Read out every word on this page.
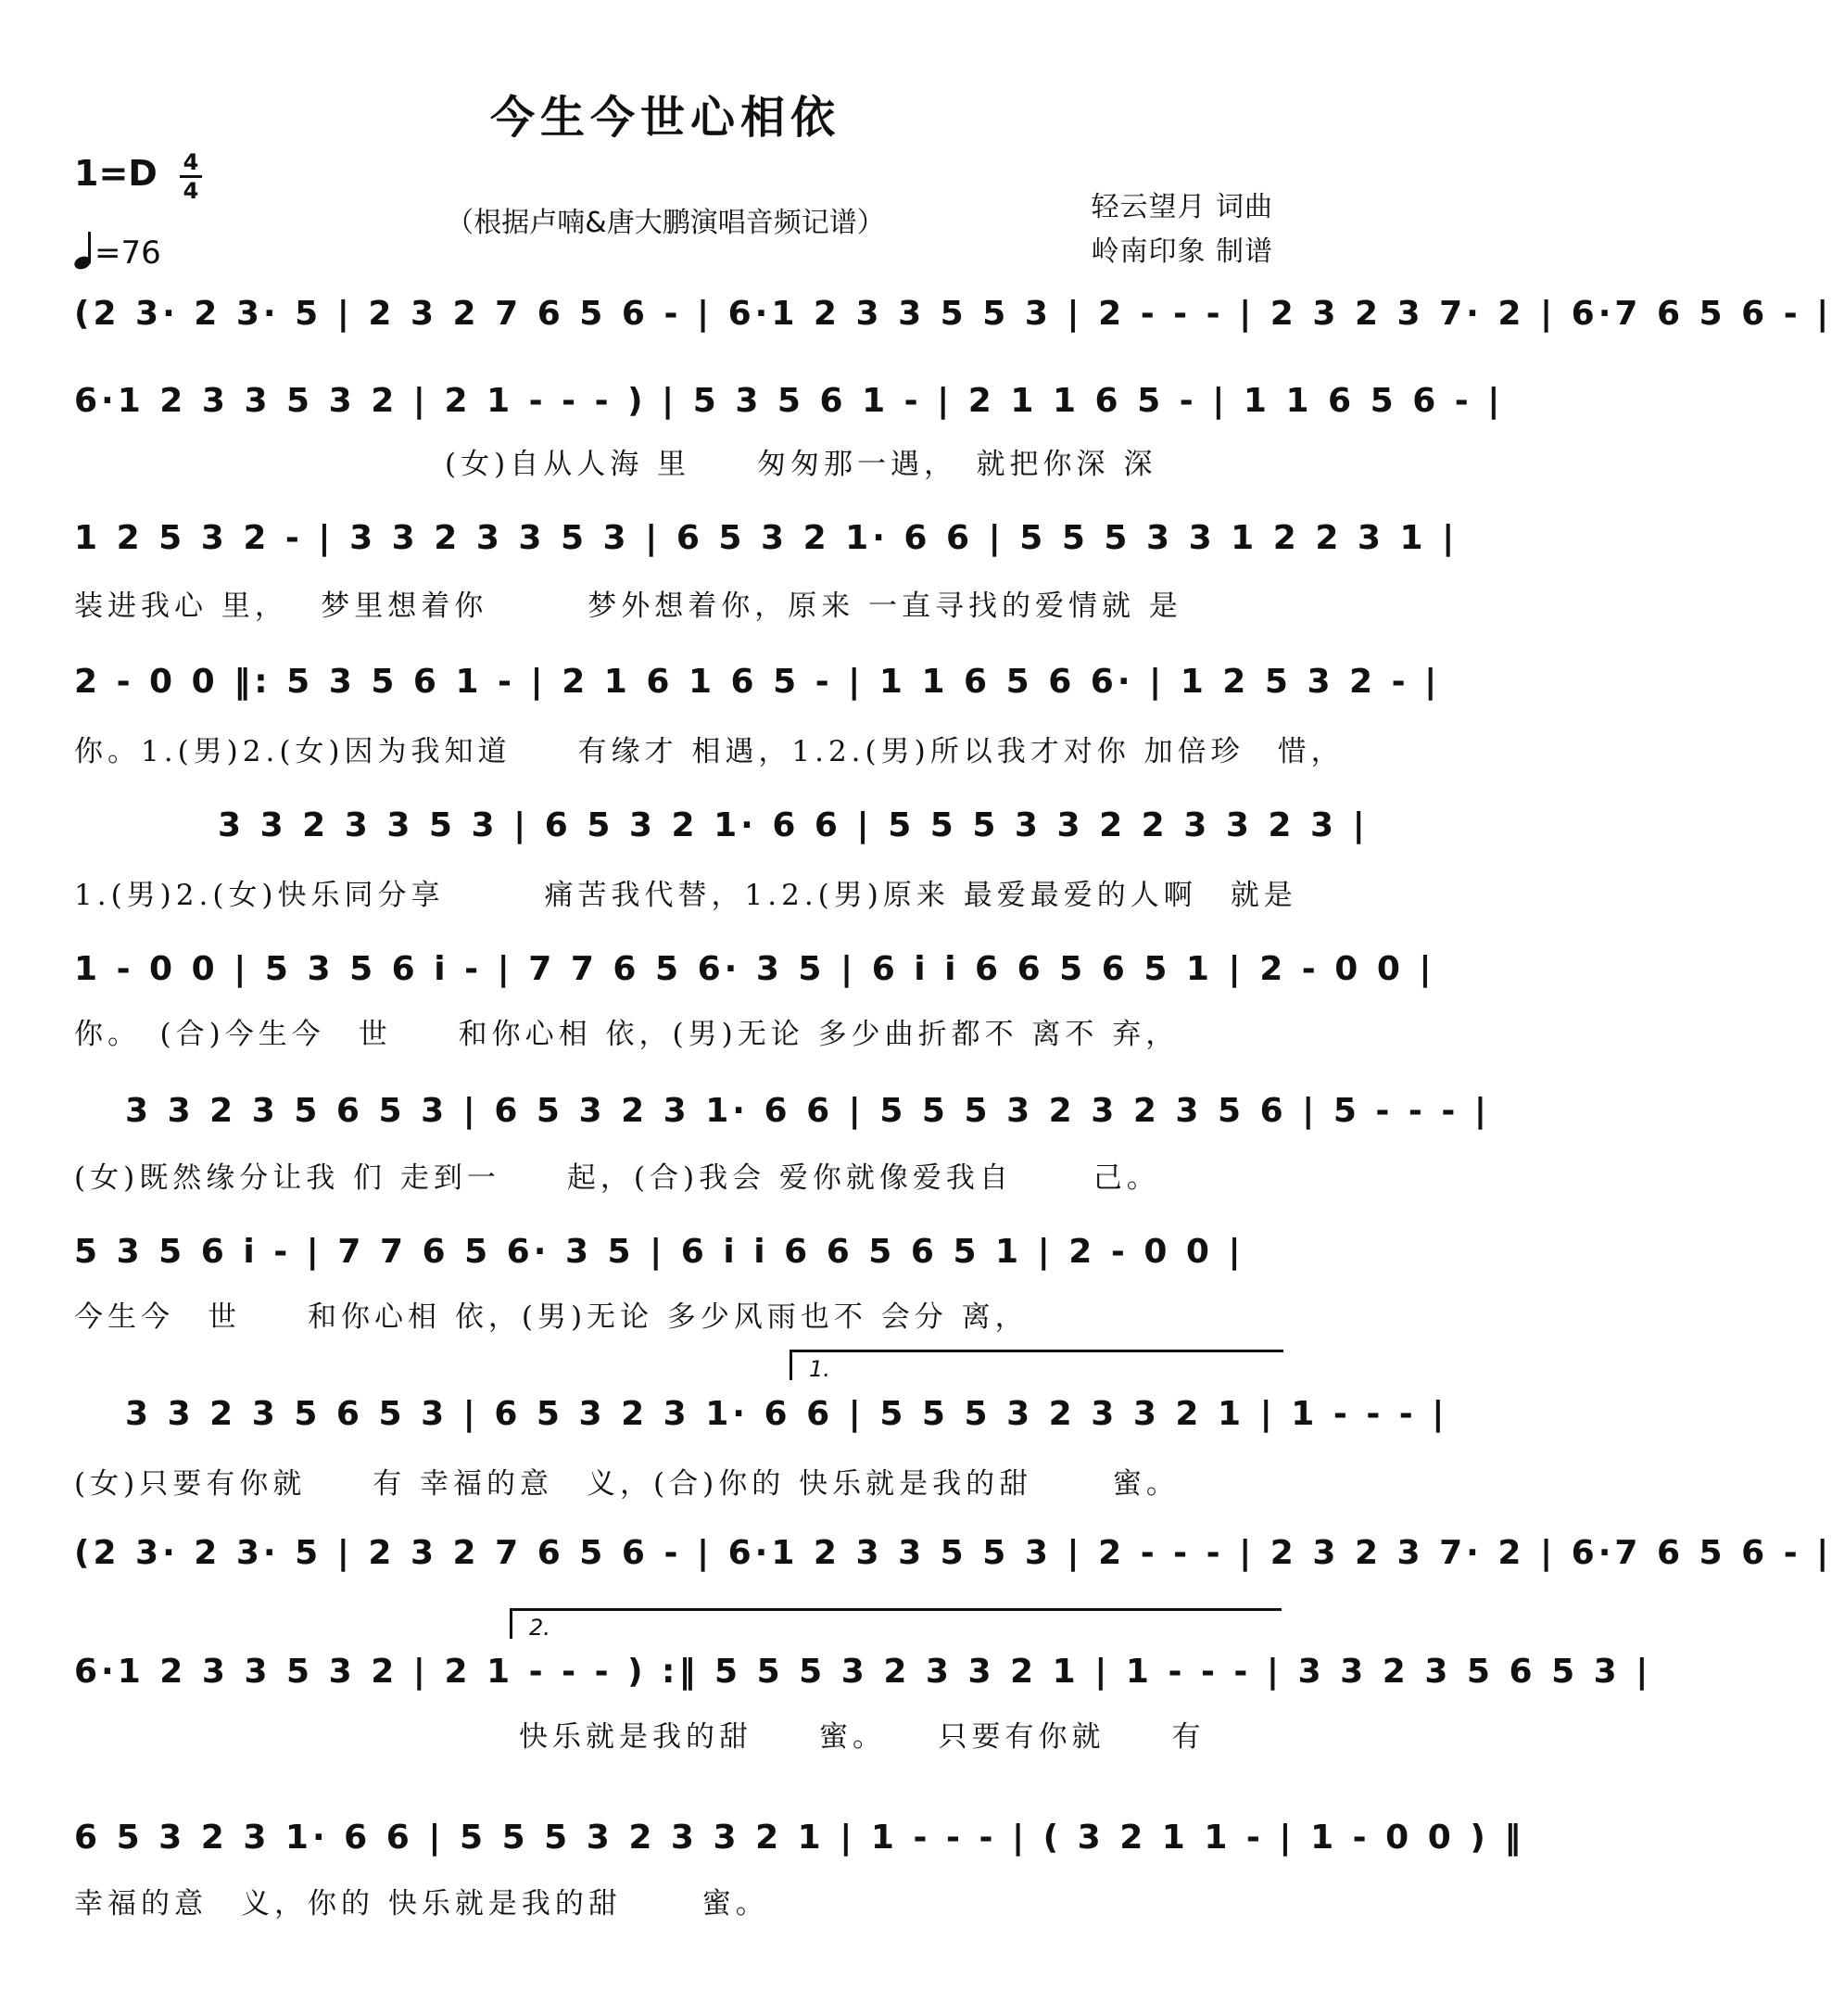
今生今世心相依
1=D 4
4
=76
（根据卢喃&唐大鹏演唱音频记谱）	轻云望月 词曲
岭南印象 制谱
(2 3· 2 3· 5 | 2 3 2 7 6 5 6 - | 6·1 2 3 3 5 5 3 | 2 - - - | 2 3 2 3 7· 2 | 6·7 6 5 6 - |
6·1 2 3 3 5 3 2 | 2 1 - - - ) | 5 3 5 6 1 - | 2 1 1 6 5 - | 1 1 6 5 6 - |
(女)自从人海 里　　匆匆那一遇，　就把你深 深
1 2 5 3 2 - | 3 3 2 3 3 5 3 | 6 5 3 2 1· 6 6 | 5 5 5 3 3 1 2 2 3 1 |
装进我心 里，　 梦里想着你　　　梦外想着你，原来 一直寻找的爱情就 是
2 - 0 0 ‖: 5 3 5 6 1 - | 2 1 6 1 6 5 - | 1 1 6 5 6 6· | 1 2 5 3 2 - |
你。1.(男)2.(女)因为我知道　　有缘才 相遇，1.2.(男)所以我才对你 加倍珍　惜，
3 3 2 3 3 5 3 | 6 5 3 2 1· 6 6 | 5 5 5 3 3 2 2 3 3 2 3 |
1.(男)2.(女)快乐同分享　　　痛苦我代替，1.2.(男)原来 最爱最爱的人啊　就是
1 - 0 0 | 5 3 5 6 i - | 7 7 6 5 6· 3 5 | 6 i i 6 6 5 6 5 1 | 2 - 0 0 |
你。　(合)今生今　世　　和你心相 依，(男)无论 多少曲折都不 离不 弃，
3 3 2 3 5 6 5 3 | 6 5 3 2 3 1· 6 6 | 5 5 5 3 2 3 2 3 5 6 | 5 - - - |
(女)既然缘分让我 们 走到一　　起，(合)我会 爱你就像爱我自　　 己。
5 3 5 6 i - | 7 7 6 5 6· 3 5 | 6 i i 6 6 5 6 5 1 | 2 - 0 0 |
今生今　世　　和你心相 依，(男)无论 多少风雨也不 会分 离，
1.
3 3 2 3 5 6 5 3 | 6 5 3 2 3 1· 6 6 | 5 5 5 3 2 3 3 2 1 | 1 - - - |
(女)只要有你就　　有 幸福的意　义，(合)你的 快乐就是我的甜　　 蜜。
(2 3· 2 3· 5 | 2 3 2 7 6 5 6 - | 6·1 2 3 3 5 5 3 | 2 - - - | 2 3 2 3 7· 2 | 6·7 6 5 6 - |
2.
6·1 2 3 3 5 3 2 | 2 1 - - - ) :‖ 5 5 5 3 2 3 3 2 1 | 1 - - - | 3 3 2 3 5 6 5 3 |
快乐就是我的甜　　蜜。　　只要有你就　　有
6 5 3 2 3 1· 6 6 | 5 5 5 3 2 3 3 2 1 | 1 - - - | ( 3 2 1 1 - | 1 - 0 0 ) ‖
幸福的意　义，你的 快乐就是我的甜　　 蜜。
